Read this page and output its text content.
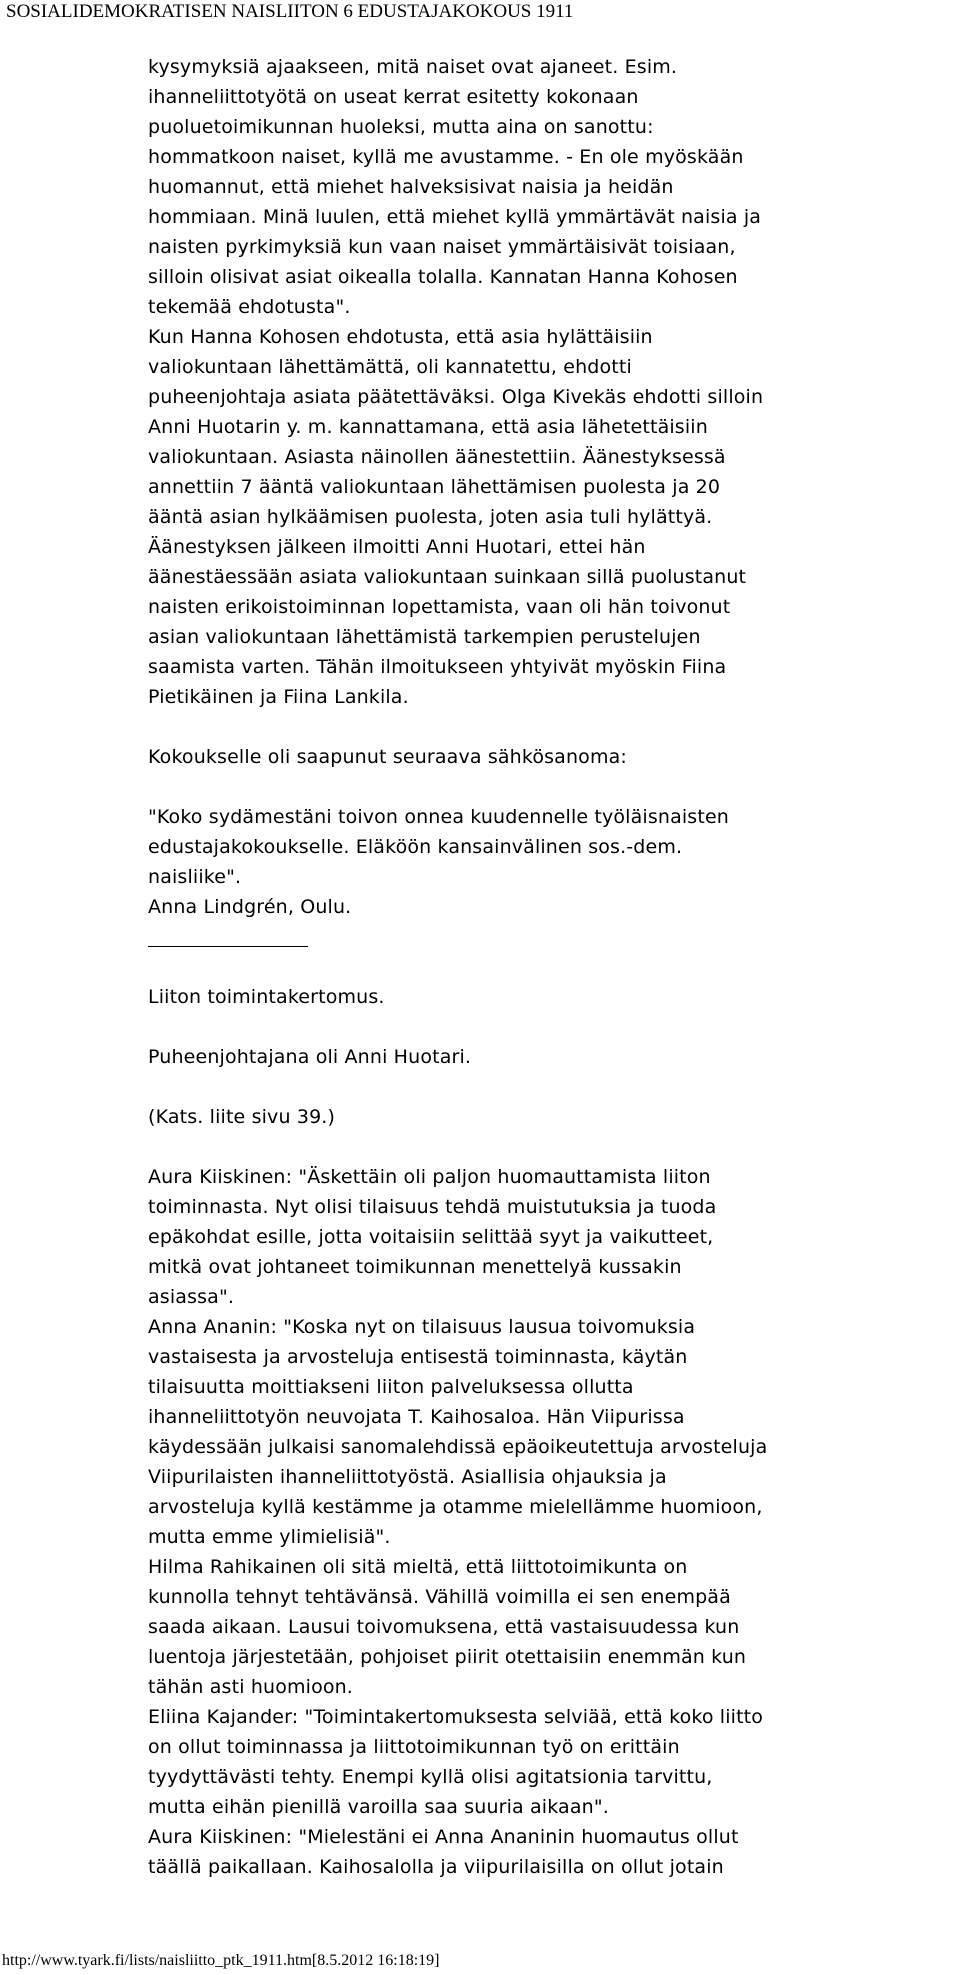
SOSIALIDEMOKRATISEN NAISLIITON 6 EDUSTAJAKOKOUS 1911
kysymyksiä ajaakseen, mitä naiset ovat ajaneet. Esim.
ihanneliittotyötä on useat kerrat esitetty kokonaan
puoluetoimikunnan huoleksi, mutta aina on sanottu:
hommatkoon naiset, kyllä me avustamme. - En ole myöskään
huomannut, että miehet halveksisivat naisia ja heidän
hommiaan. Minä luulen, että miehet kyllä ymmärtävät naisia ja
naisten pyrkimyksiä kun vaan naiset ymmärtäisivät toisiaan,
silloin olisivat asiat oikealla tolalla. Kannatan Hanna Kohosen
tekemää ehdotusta".
Kun Hanna Kohosen ehdotusta, että asia hylättäisiin
valiokuntaan lähettämättä, oli kannatettu, ehdotti
puheenjohtaja asiata päätettäväksi. Olga Kivekäs ehdotti silloin
Anni Huotarin y. m. kannattamana, että asia lähetettäisiin
valiokuntaan. Asiasta näinollen äänestettiin. Äänestyksessä
annettiin 7 ääntä valiokuntaan lähettämisen puolesta ja 20
ääntä asian hylkäämisen puolesta, joten asia tuli hylättyä.
Äänestyksen jälkeen ilmoitti Anni Huotari, ettei hän
äänestäessään asiata valiokuntaan suinkaan sillä puolustanut
naisten erikoistoiminnan lopettamista, vaan oli hän toivonut
asian valiokuntaan lähettämistä tarkempien perustelujen
saamista varten. Tähän ilmoitukseen yhtyivät myöskin Fiina
Pietikäinen ja Fiina Lankila.
Kokoukselle oli saapunut seuraava sähkösanoma:
"Koko sydämestäni toivon onnea kuudennelle työläisnaisten
edustajakokoukselle. Eläköön kansainvälinen sos.-dem.
naisliike".
Anna Lindgrén, Oulu.
Liiton toimintakertomus.
Puheenjohtajana oli Anni Huotari.
(Kats. liite sivu 39.)
Aura Kiiskinen: "Äskettäin oli paljon huomauttamista liiton
toiminnasta. Nyt olisi tilaisuus tehdä muistutuksia ja tuoda
epäkohdat esille, jotta voitaisiin selittää syyt ja vaikutteet,
mitkä ovat johtaneet toimikunnan menettelyä kussakin
asiassa".
Anna Ananin: "Koska nyt on tilaisuus lausua toivomuksia
vastaisesta ja arvosteluja entisestä toiminnasta, käytän
tilaisuutta moittiakseni liiton palveluksessa ollutta
ihanneliittotyön neuvojata T. Kaihosaloa. Hän Viipurissa
käydessään julkaisi sanomalehdissä epäoikeutettuja arvosteluja
Viipurilaisten ihanneliittotyöstä. Asiallisia ohjauksia ja
arvosteluja kyllä kestämme ja otamme mielellämme huomioon,
mutta emme ylimielisiä".
Hilma Rahikainen oli sitä mieltä, että liittotoimikunta on
kunnolla tehnyt tehtävänsä. Vähillä voimilla ei sen enempää
saada aikaan. Lausui toivomuksena, että vastaisuudessa kun
luentoja järjestetään, pohjoiset piirit otettaisiin enemmän kun
tähän asti huomioon.
Eliina Kajander: "Toimintakertomuksesta selviää, että koko liitto
on ollut toiminnassa ja liittotoimikunnan työ on erittäin
tyydyttävästi tehty. Enempi kyllä olisi agitatsionia tarvittu,
mutta eihän pienillä varoilla saa suuria aikaan".
Aura Kiiskinen: "Mielestäni ei Anna Ananinin huomautus ollut
täällä paikallaan. Kaihosalolla ja viipurilaisilla on ollut jotain
http://www.tyark.fi/lists/naisliitto_ptk_1911.htm[8.5.2012 16:18:19]
